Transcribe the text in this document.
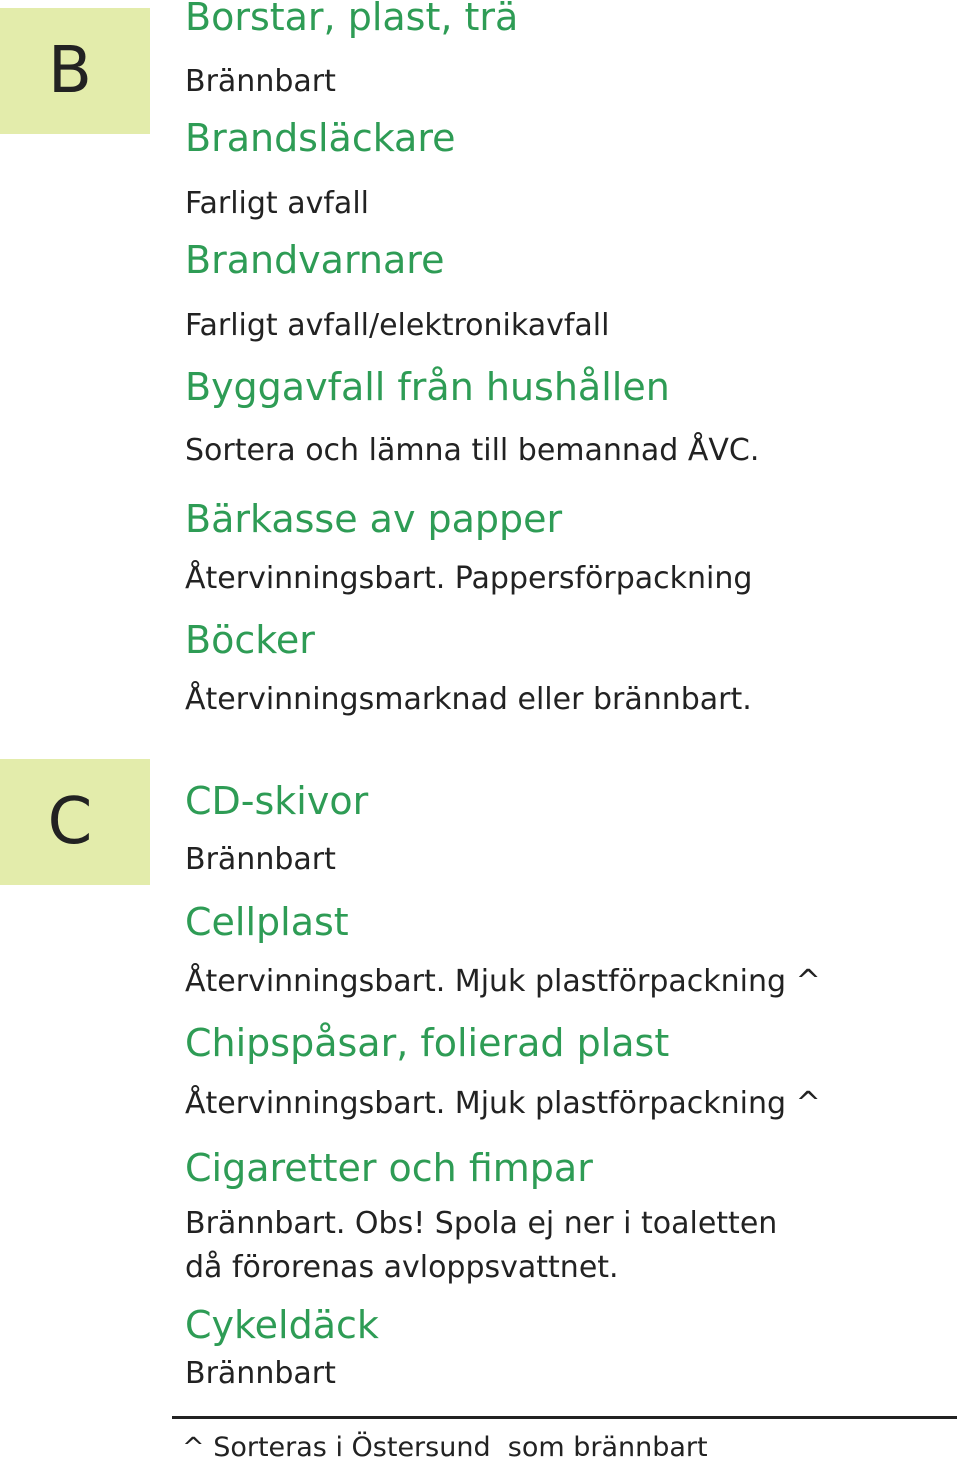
B
C
Borstar, plast, trä
Brännbart
Brandsläckare
Farligt avfall
Brandvarnare
Farligt avfall/elektronikavfall
Byggavfall från hushållen
Sortera och lämna till bemannad ÅVC.
Bärkasse av papper
Återvinningsbart. Pappersförpackning
Böcker
Återvinningsmarknad eller brännbart.
CD-skivor
Brännbart
Cellplast
Återvinningsbart. Mjuk plastförpackning ^
Chipspåsar, folierad plast
Återvinningsbart. Mjuk plastförpackning ^
Cigaretter och fimpar
Brännbart. Obs! Spola ej ner i toaletten
då förorenas avloppsvattnet.
Cykeldäck
Brännbart
^ Sorteras i Östersund  som brännbart
